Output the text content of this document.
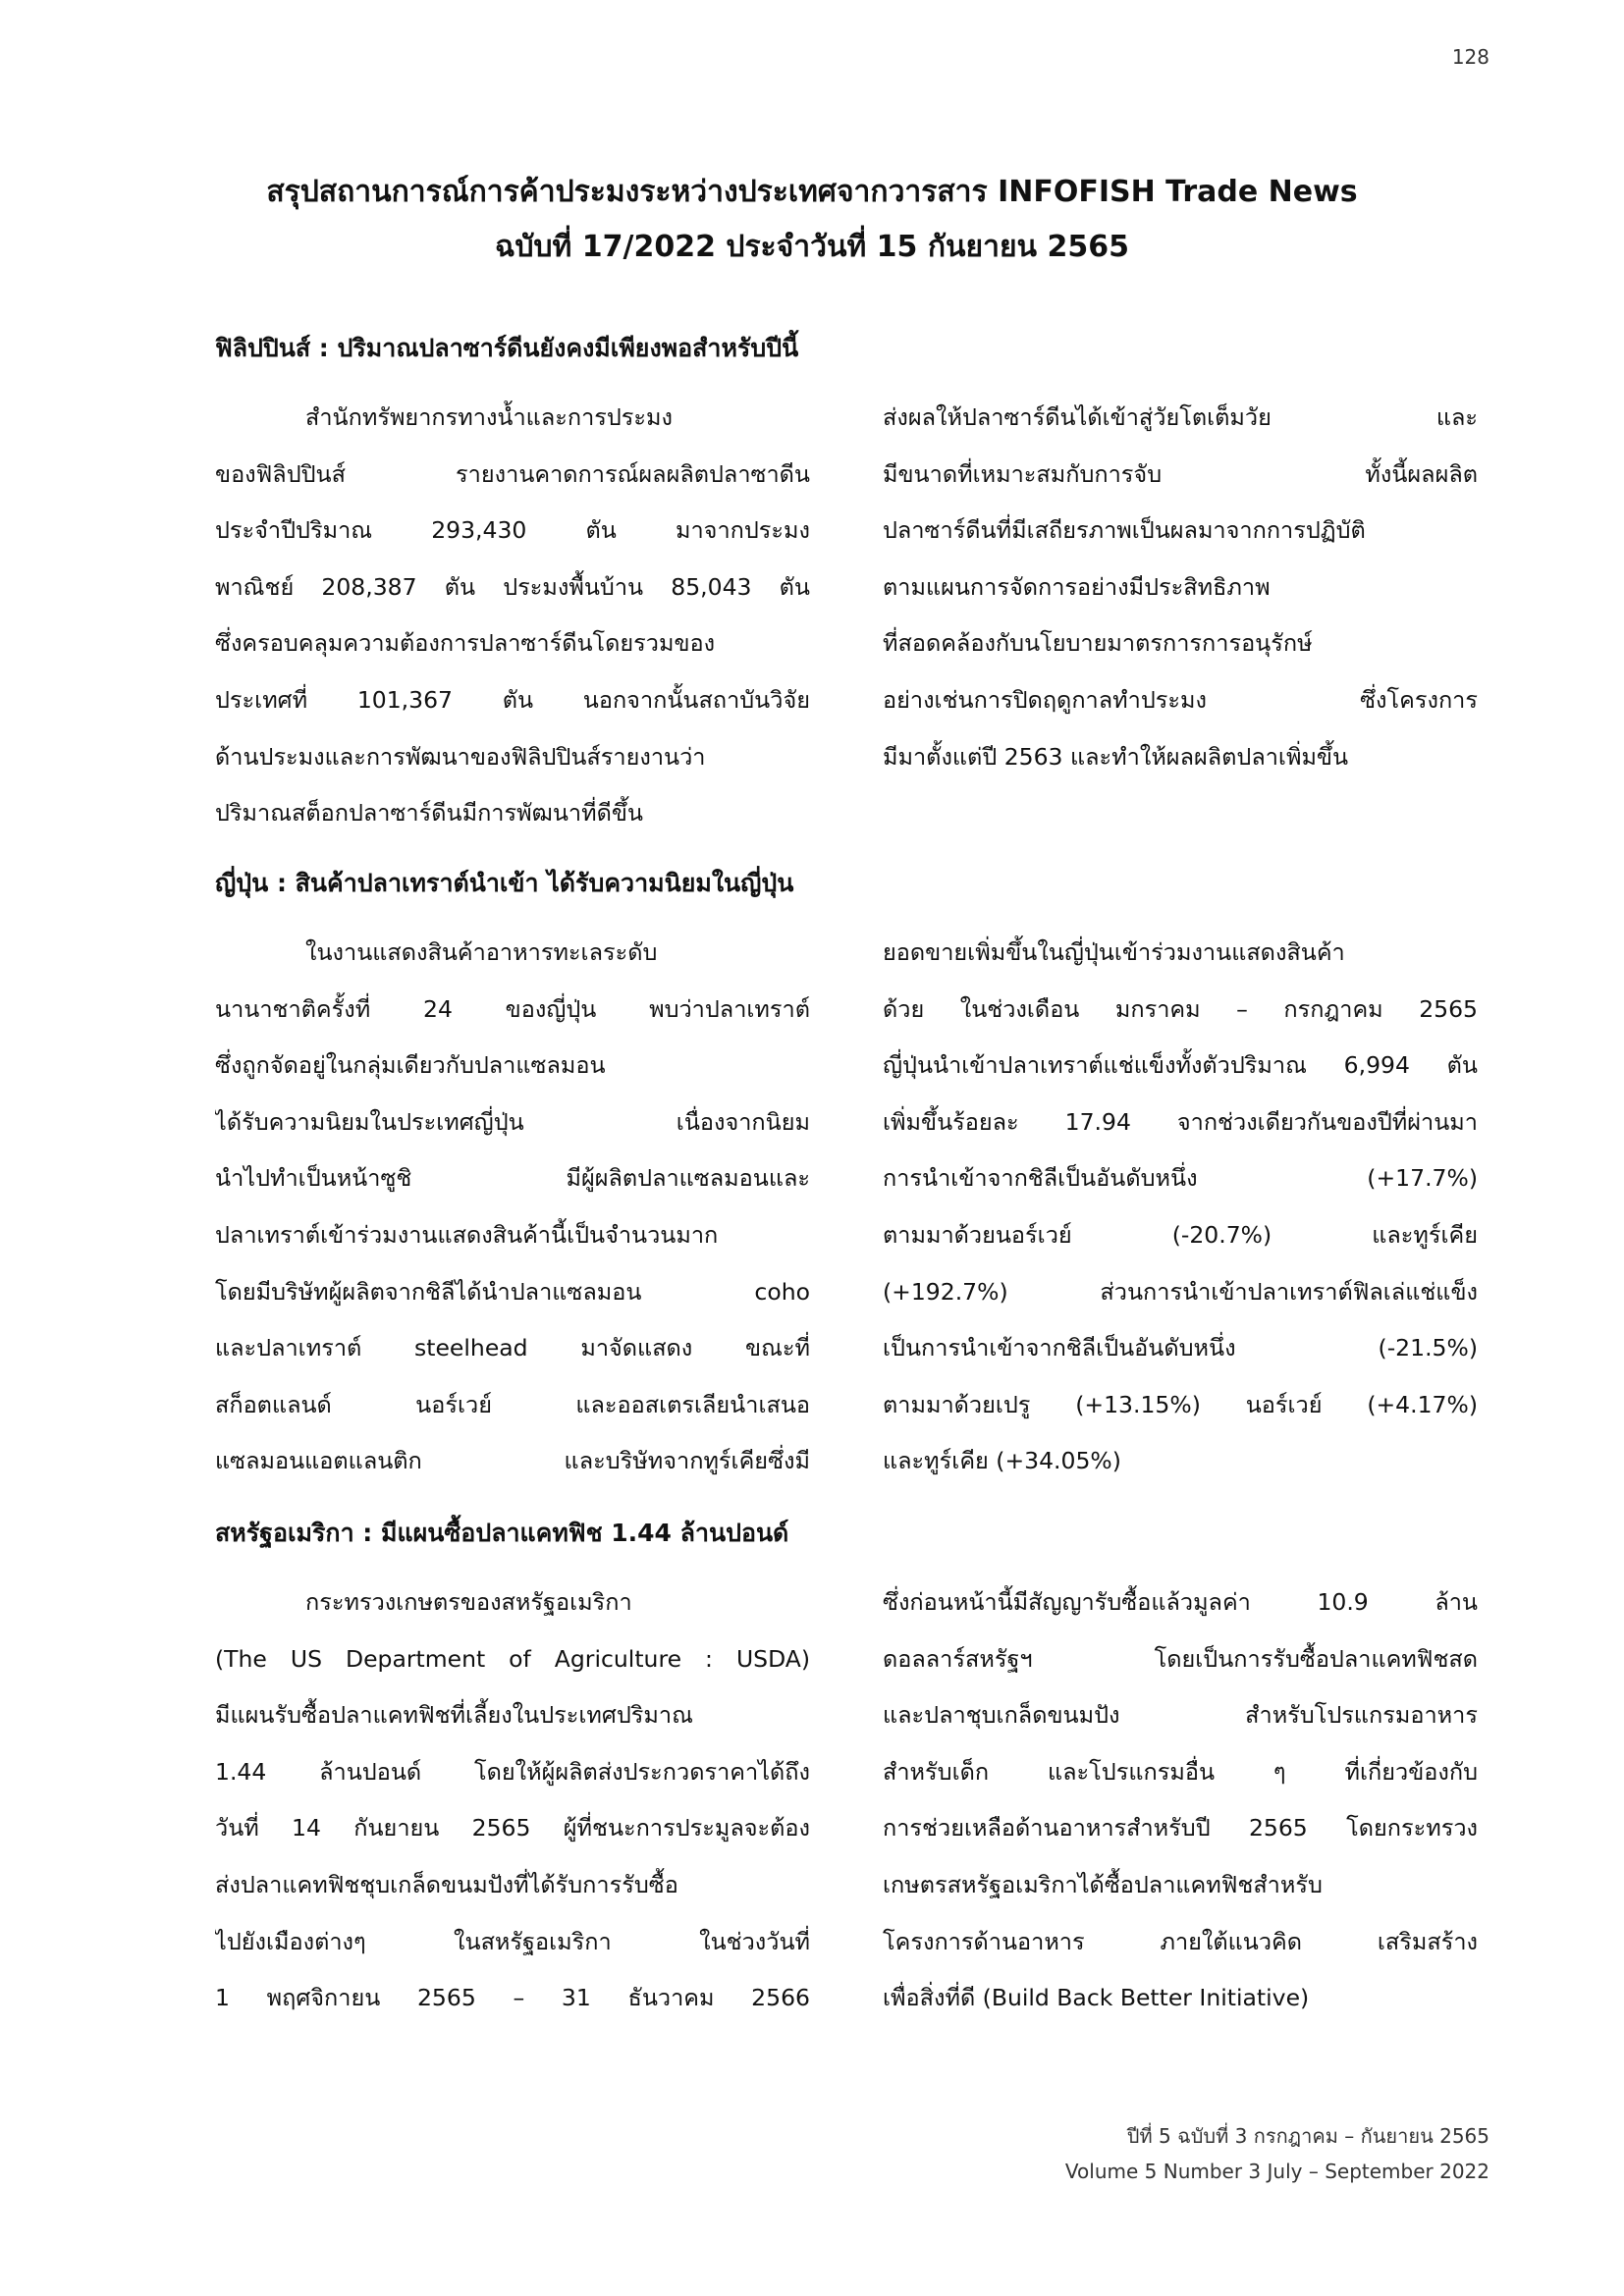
128
สรุปสถานการณ์การค้าประมงระหว่างประเทศจากวารสาร INFOFISH Trade News
ฉบับที่ 17/2022 ประจำวันที่ 15 กันยายน 2565
ฟิลิปปินส์ : ปริมาณปลาซาร์ดีนยังคงมีเพียงพอสำหรับปีนี้

สำนักทรัพยากรทางน้ำและการประมง
ของฟิลิปปินส์ รายงานคาดการณ์ผลผลิตปลาซาดีน
ประจำปีปริมาณ 293,430 ตัน มาจากประมง
พาณิชย์ 208,387 ตัน ประมงพื้นบ้าน 85,043 ตัน
ซึ่งครอบคลุมความต้องการปลาซาร์ดีนโดยรวมของ
ประเทศที่ 101,367 ตัน นอกจากนั้นสถาบันวิจัย
ด้านประมงและการพัฒนาของฟิลิปปินส์รายงานว่า
ปริมาณสต็อกปลาซาร์ดีนมีการพัฒนาที่ดีขึ้น

ส่งผลให้ปลาซาร์ดีนได้เข้าสู่วัยโตเต็มวัย และ
มีขนาดที่เหมาะสมกับการจับ ทั้งนี้ผลผลิต
ปลาซาร์ดีนที่มีเสถียรภาพเป็นผลมาจากการปฏิบัติ
ตามแผนการจัดการอย่างมีประสิทธิภาพ
ที่สอดคล้องกับนโยบายมาตรการการอนุรักษ์
อย่างเช่นการปิดฤดูกาลทำประมง ซึ่งโครงการ
มีมาตั้งแต่ปี 2563 และทำให้ผลผลิตปลาเพิ่มขึ้น

ญี่ปุ่น : สินค้าปลาเทราต์นำเข้า ได้รับความนิยมในญี่ปุ่น

ในงานแสดงสินค้าอาหารทะเลระดับ
นานาชาติครั้งที่ 24 ของญี่ปุ่น พบว่าปลาเทราต์
ซึ่งถูกจัดอยู่ในกลุ่มเดียวกับปลาแซลมอน
ได้รับความนิยมในประเทศญี่ปุ่น เนื่องจากนิยม
นำไปทำเป็นหน้าซูชิ มีผู้ผลิตปลาแซลมอนและ
ปลาเทราต์เข้าร่วมงานแสดงสินค้านี้เป็นจำนวนมาก
โดยมีบริษัทผู้ผลิตจากชิลีได้นำปลาแซลมอน coho
และปลาเทราต์ steelhead มาจัดแสดง ขณะที่
สก็อตแลนด์ นอร์เวย์ และออสเตรเลียนำเสนอ
แซลมอนแอตแลนติก และบริษัทจากทูร์เคียซึ่งมี

ยอดขายเพิ่มขึ้นในญี่ปุ่นเข้าร่วมงานแสดงสินค้า
ด้วย ในช่วงเดือน มกราคม – กรกฎาคม 2565
ญี่ปุ่นนำเข้าปลาเทราต์แช่แข็งทั้งตัวปริมาณ 6,994 ตัน
เพิ่มขึ้นร้อยละ 17.94 จากช่วงเดียวกันของปีที่ผ่านมา
การนำเข้าจากชิลีเป็นอันดับหนึ่ง (+17.7%)
ตามมาด้วยนอร์เวย์ (-20.7%) และทูร์เคีย
(+192.7%) ส่วนการนำเข้าปลาเทราต์ฟิลเล่แช่แข็ง
เป็นการนำเข้าจากชิลีเป็นอันดับหนึ่ง (-21.5%)
ตามมาด้วยเปรู (+13.15%) นอร์เวย์ (+4.17%)
และทูร์เคีย (+34.05%)

สหรัฐอเมริกา : มีแผนซื้อปลาแคทฟิช 1.44 ล้านปอนด์

กระทรวงเกษตรของสหรัฐอเมริกา
(The US Department of Agriculture : USDA)
มีแผนรับซื้อปลาแคทฟิชที่เลี้ยงในประเทศปริมาณ
1.44 ล้านปอนด์ โดยให้ผู้ผลิตส่งประกวดราคาได้ถึง
วันที่ 14 กันยายน 2565 ผู้ที่ชนะการประมูลจะต้อง
ส่งปลาแคทฟิชชุบเกล็ดขนมปังที่ได้รับการรับซื้อ
ไปยังเมืองต่างๆ ในสหรัฐอเมริกา ในช่วงวันที่
1 พฤศจิกายน 2565 – 31 ธันวาคม 2566

ซึ่งก่อนหน้านี้มีสัญญารับซื้อแล้วมูลค่า 10.9 ล้าน
ดอลลาร์สหรัฐฯ โดยเป็นการรับซื้อปลาแคทฟิชสด
และปลาชุบเกล็ดขนมปัง สำหรับโปรแกรมอาหาร
สำหรับเด็ก และโปรแกรมอื่น ๆ ที่เกี่ยวข้องกับ
การช่วยเหลือด้านอาหารสำหรับปี 2565 โดยกระทรวง
เกษตรสหรัฐอเมริกาได้ซื้อปลาแคทฟิชสำหรับ
โครงการด้านอาหาร ภายใต้แนวคิด เสริมสร้าง
เพื่อสิ่งที่ดี (Build Back Better Initiative)

ปีที่ 5 ฉบับที่ 3 กรกฎาคม – กันยายน 2565
Volume 5 Number 3 July – September 2022
